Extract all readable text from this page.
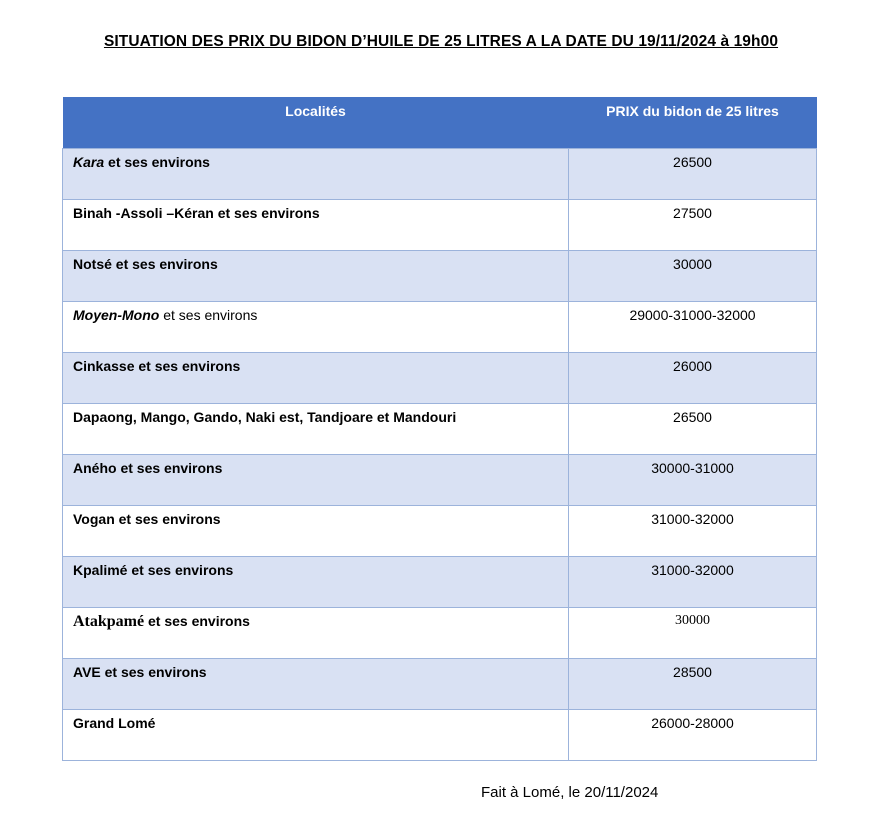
SITUATION DES PRIX DU BIDON D’HUILE DE 25 LITRES A LA DATE DU 19/11/2024 à 19h00
Localités	PRIX du bidon de 25 litres
Kara et ses environs	26500
Binah -Assoli –Kéran et ses environs	27500
Notsé et ses environs	30000
Moyen-Mono et ses environs	29000-31000-32000
Cinkasse et ses environs	26000
Dapaong, Mango, Gando, Naki est, Tandjoare et Mandouri	26500
Aného et ses environs	30000-31000
Vogan et ses environs	31000-32000
Kpalimé et ses environs	31000-32000
Atakpamé et ses environs	30000
AVE et ses environs	28500
Grand Lomé	26000-28000
Fait à Lomé, le 20/11/2024
